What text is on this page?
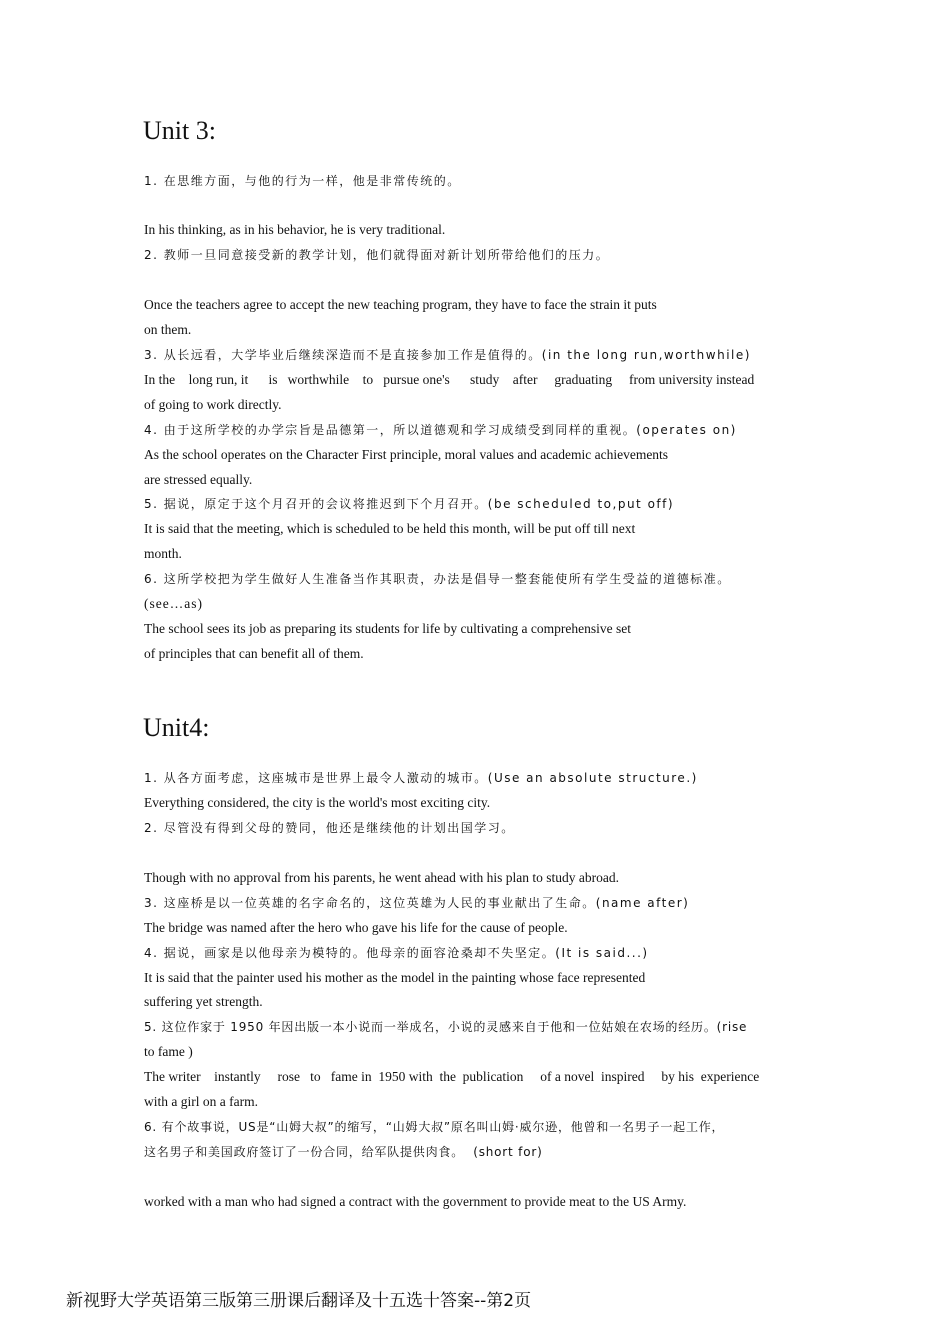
Unit 3:
1. 在思维方面，与他的行为一样，他是非常传统的。
In his thinking, as in his behavior, he is very traditional.
2. 教师一旦同意接受新的教学计划，他们就得面对新计划所带给他们的压力。
Once the teachers agree to accept the new teaching program, they have to face the strain it puts
on them.
3. 从长远看，大学毕业后继续深造而不是直接参加工作是值得的。(in the long run,worthwhile)
In the    long run, it      is   worthwhile    to   pursue one's      study    after     graduating     from university instead
of going to work directly.
4. 由于这所学校的办学宗旨是品德第一，所以道德观和学习成绩受到同样的重视。(operates on)
As the school operates on the Character First principle, moral values and academic achievements
are stressed equally.
5. 据说，原定于这个月召开的会议将推迟到下个月召开。(be scheduled to,put off)
It is said that the meeting, which is scheduled to be held this month, will be put off till next
month.
6. 这所学校把为学生做好人生准备当作其职责，办法是倡导一整套能使所有学生受益的道德标准。
(see…as)
The school sees its job as preparing its students for life by cultivating a comprehensive set
of principles that can benefit all of them.
Unit4:
1. 从各方面考虑，这座城市是世界上最令人激动的城市。(Use an absolute structure.)
Everything considered, the city is the world's most exciting city.
2. 尽管没有得到父母的赞同，他还是继续他的计划出国学习。
Though with no approval from his parents, he went ahead with his plan to study abroad.
3. 这座桥是以一位英雄的名字命名的，这位英雄为人民的事业献出了生命。(name after)
The bridge was named after the hero who gave his life for the cause of people.
4. 据说，画家是以他母亲为模特的。他母亲的面容沧桑却不失坚定。(It is said...)
It is said that the painter used his mother as the model in the painting whose face represented
suffering yet strength.
5. 这位作家于 1950 年因出版一本小说而一举成名，小说的灵感来自于他和一位姑娘在农场的经历。(rise
to fame )
The writer    instantly     rose   to   fame in  1950 with  the  publication     of a novel  inspired     by his  experience
with a girl on a farm.
6. 有个故事说，US是“山姆大叔”的缩写，“山姆大叔”原名叫山姆·威尔逊，他曾和一名男子一起工作，
这名男子和美国政府签订了一份合同，给军队提供肉食。  (short for)
worked with a man who had signed a contract with the government to provide meat to the US Army.
新视野大学英语第三版第三册课后翻译及十五选十答案--第2页
